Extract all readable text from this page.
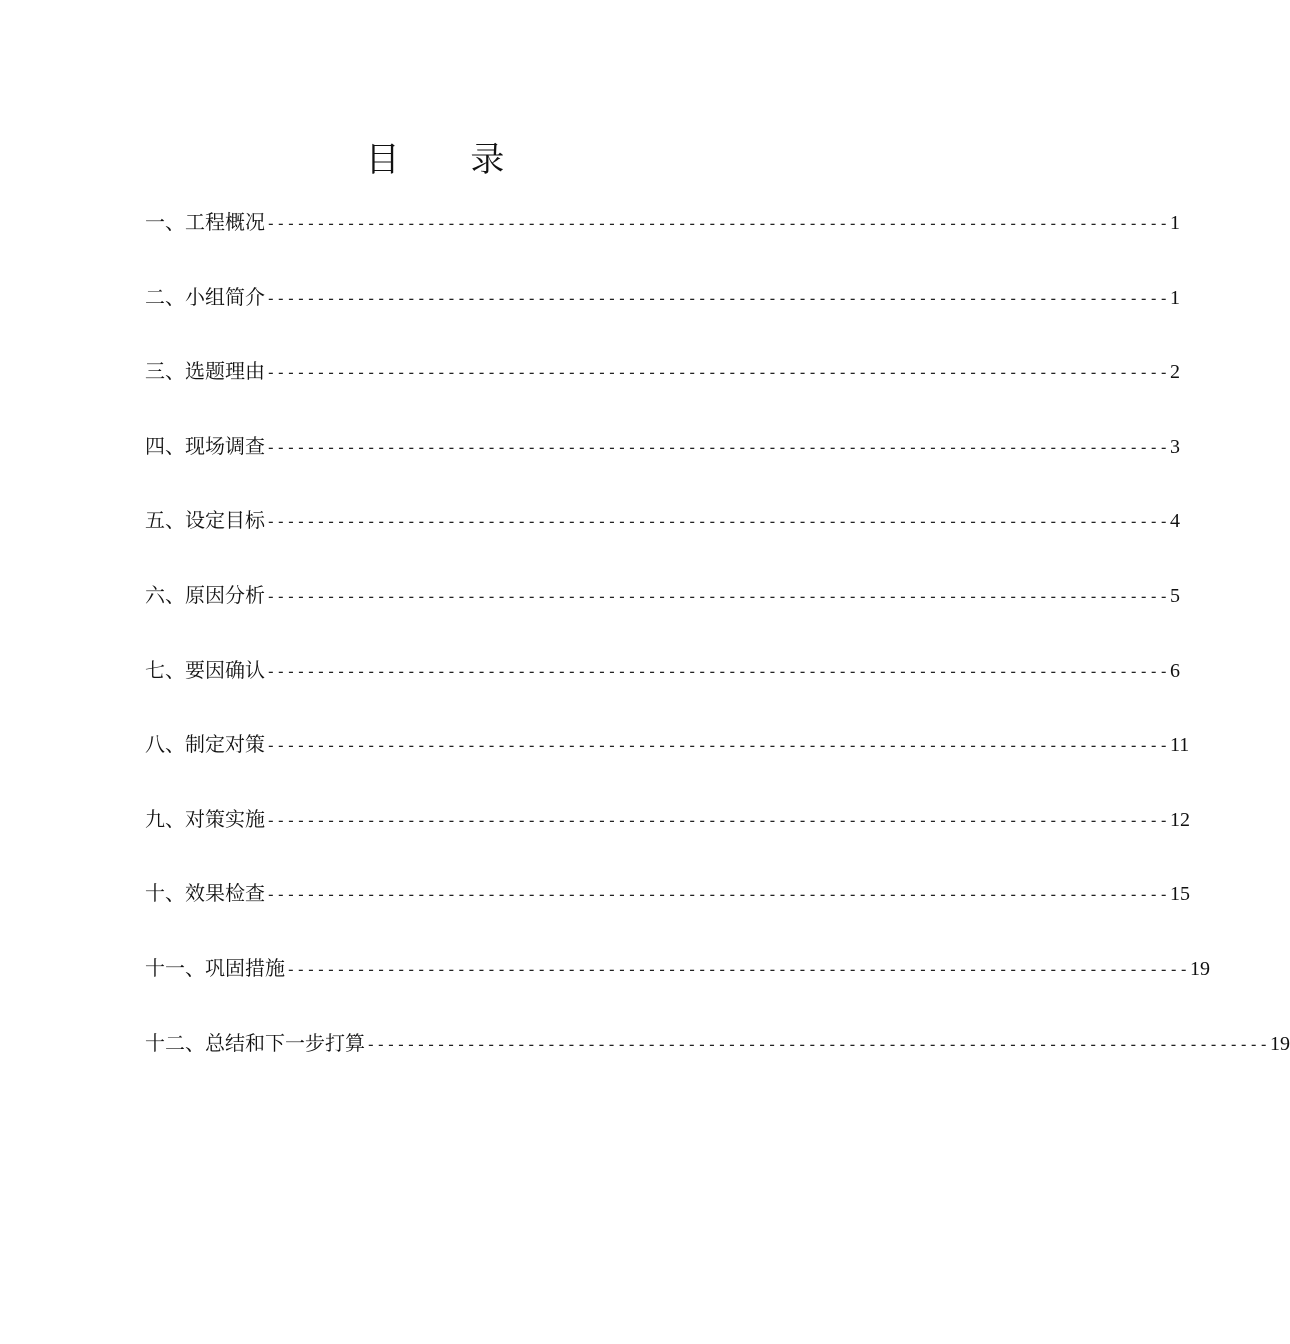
目 录
一、工程概况 ------------------------------------------------------------------------------------------ 1
二、小组简介 ------------------------------------------------------------------------------------------ 1
三、选题理由 ------------------------------------------------------------------------------------------ 2
四、现场调查 ------------------------------------------------------------------------------------------ 3
五、设定目标 ------------------------------------------------------------------------------------------ 4
六、原因分析 ------------------------------------------------------------------------------------------ 5
七、要因确认 ------------------------------------------------------------------------------------------ 6
八、制定对策 ------------------------------------------------------------------------------------------ 11
九、对策实施 ------------------------------------------------------------------------------------------ 12
十、效果检查 ------------------------------------------------------------------------------------------ 15
十一、巩固措施 ------------------------------------------------------------------------------------------ 19
十二、总结和下一步打算 ------------------------------------------------------------------------------------------ 19
